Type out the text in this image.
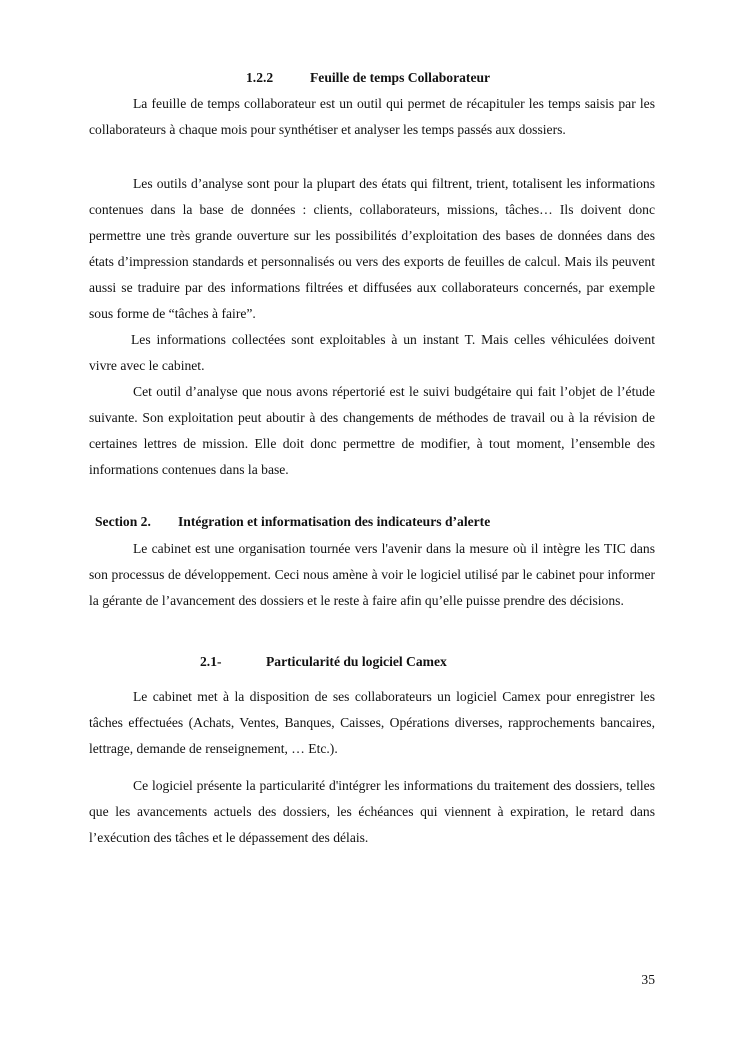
1.2.2	Feuille de temps Collaborateur

La feuille de temps collaborateur est un outil qui permet de récapituler les temps saisis par les collaborateurs à chaque mois pour synthétiser et analyser les temps passés aux dossiers.

Les outils d’analyse sont pour la plupart des états qui filtrent, trient, totalisent les informations contenues dans la base de données : clients, collaborateurs, missions, tâches… Ils doivent donc permettre une très grande ouverture sur les possibilités d’exploitation des bases de données dans des états d’impression standards et personnalisés ou vers des exports de feuilles de calcul. Mais ils peuvent aussi se traduire par des informations filtrées et diffusées aux collaborateurs concernés, par exemple sous forme de “tâches à faire”.

Les informations collectées sont exploitables à un instant T. Mais celles véhiculées doivent vivre avec le cabinet.

Cet outil d’analyse que nous avons répertorié est le suivi budgétaire qui fait l’objet de l’étude suivante. Son exploitation peut aboutir à des changements de méthodes de travail ou à la révision de certaines lettres de mission. Elle doit donc permettre de modifier, à tout moment, l’ensemble des informations contenues dans la base.

Section 2. Intégration et informatisation des indicateurs d’alerte

Le cabinet est une organisation tournée vers l'avenir dans la mesure où il intègre les TIC dans son processus de développement. Ceci nous amène à voir le logiciel utilisé par le cabinet pour informer la gérante de l’avancement des dossiers et le reste à faire afin qu’elle puisse prendre des décisions.

2.1-	Particularité du logiciel Camex

Le cabinet met à la disposition de ses collaborateurs un logiciel Camex pour enregistrer les tâches effectuées (Achats, Ventes, Banques, Caisses, Opérations diverses, rapprochements bancaires, lettrage, demande de renseignement, … Etc.).

Ce logiciel présente la particularité d'intégrer les informations du traitement des dossiers, telles que les avancements actuels des dossiers, les échéances qui viennent à expiration, le retard dans l’exécution des tâches et le dépassement des délais.

35
